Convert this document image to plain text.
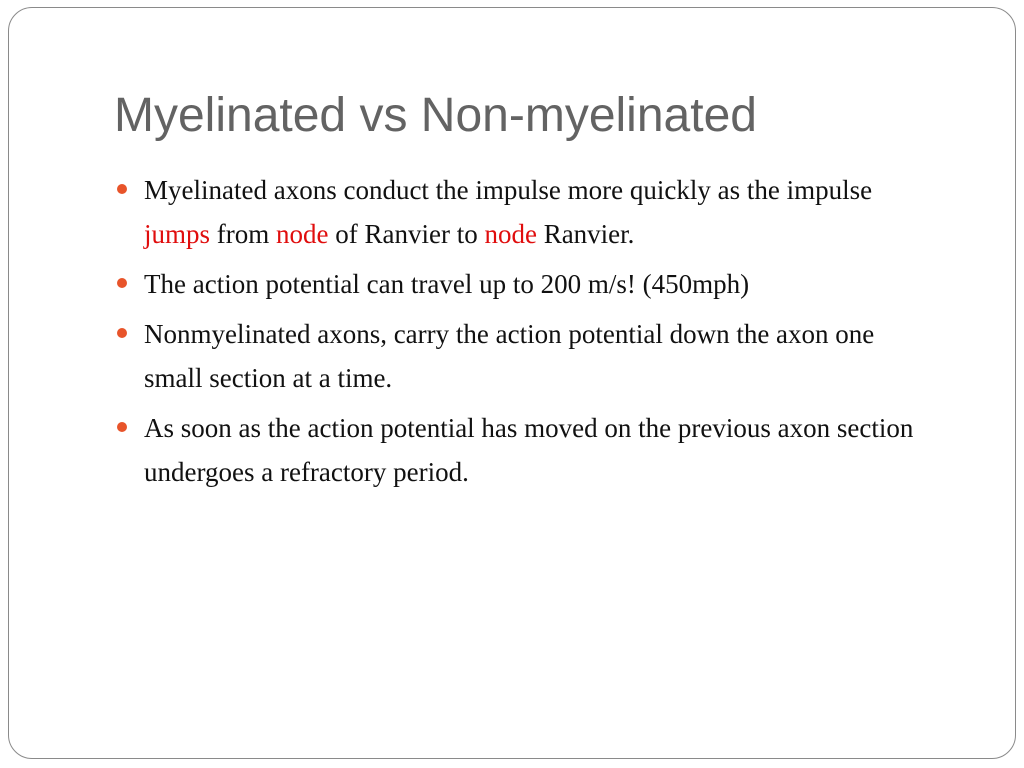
Myelinated vs Non-myelinated
Myelinated axons conduct the impulse more quickly as the impulse jumps from node of Ranvier to node Ranvier.
The action potential can travel up to 200 m/s! (450mph)
Nonmyelinated axons, carry the action potential down the axon one small section at a time.
As soon as the action potential has moved on the previous axon section undergoes a refractory period.
